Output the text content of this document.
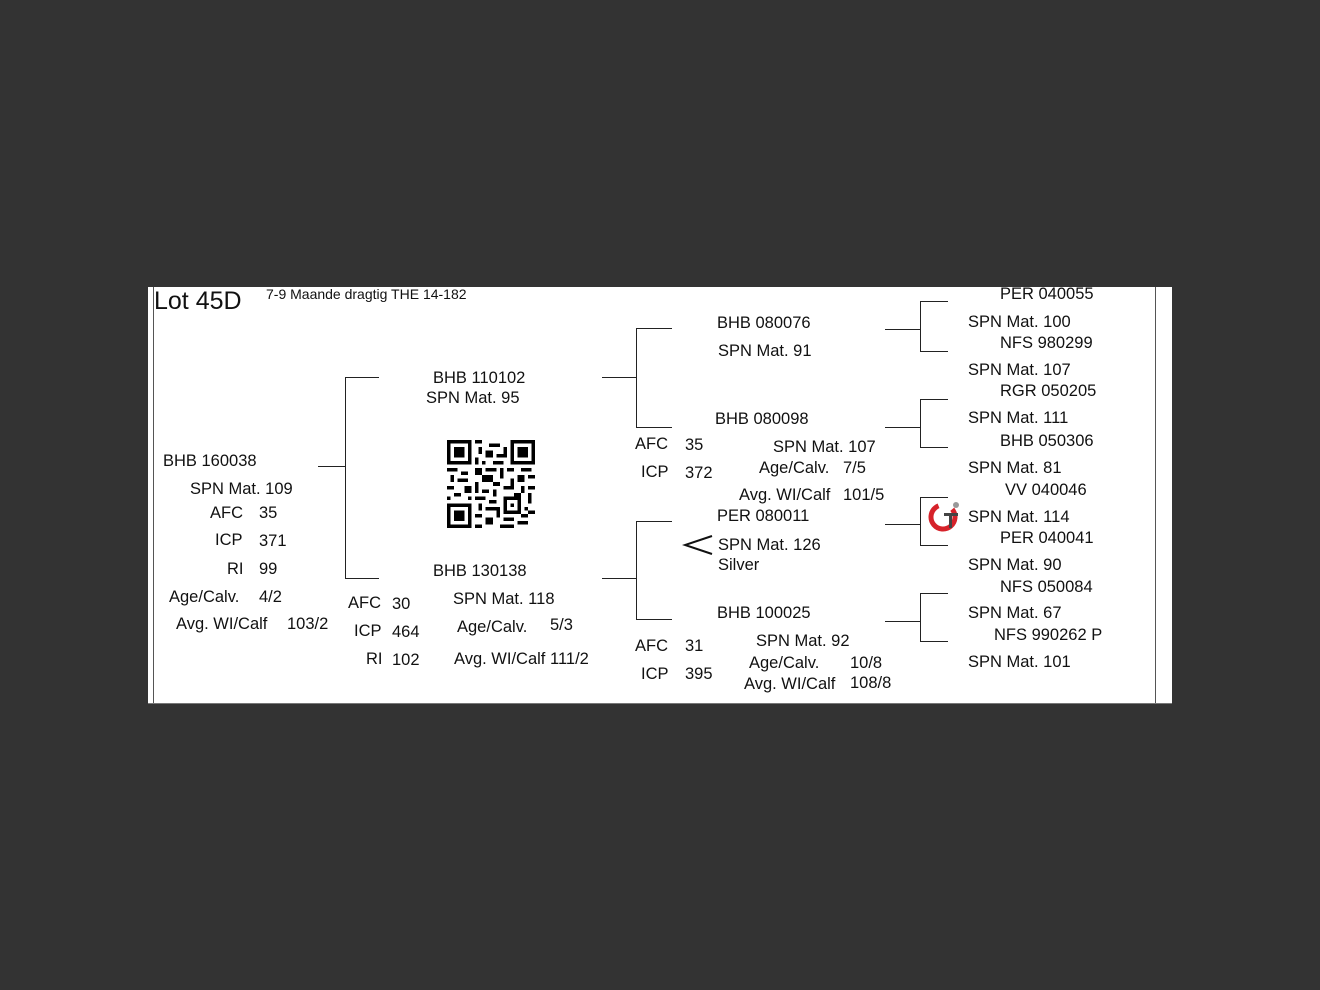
Lot 45D 7-9 Maande dragtig THE 14-182
BHB 160038
SPN Mat. 109
AFC 35
ICP 371
RI 99
Age/Calv. 4/2
Avg. WI/Calf 103/2
BHB 110102
SPN Mat. 95
BHB 130138
SPN Mat. 118
AFC 30
ICP 464
RI 102
Age/Calv. 5/3
Avg. WI/Calf 111/2
BHB 080076
SPN Mat. 91
BHB 080098
SPN Mat. 107
AFC 35
ICP 372	Age/Calv. 7/5
Avg. WI/Calf 101/5
PER 080011
SPN Mat. 126
Silver
BHB 100025
SPN Mat. 92
AFC 31
ICP 395
Age/Calv. 10/8
Avg. WI/Calf 108/8
PER 040055
SPN Mat. 100
NFS 980299
SPN Mat. 107
RGR 050205
SPN Mat. 111
BHB 050306
SPN Mat. 81
VV 040046
SPN Mat. 114
PER 040041
SPN Mat. 90
NFS 050084
SPN Mat. 67
NFS 990262 P
SPN Mat. 101
